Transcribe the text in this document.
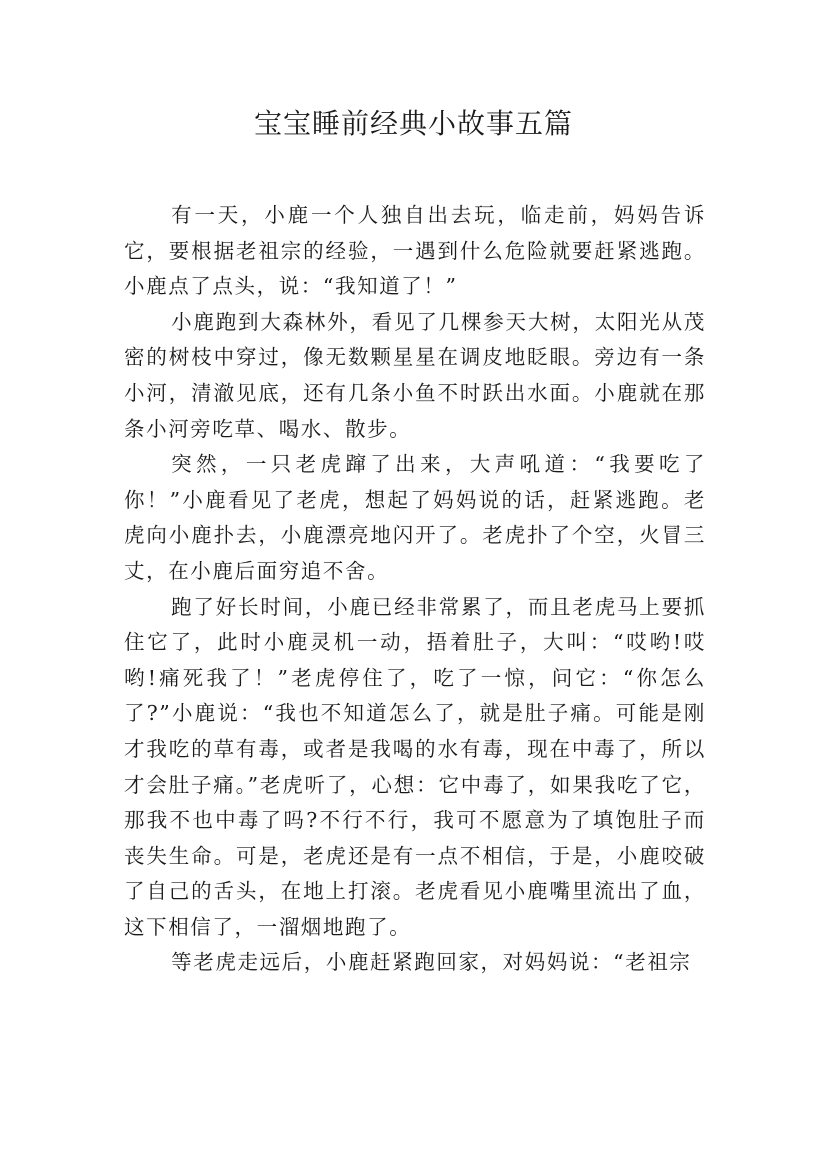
宝宝睡前经典小故事五篇

有一天，小鹿一个人独自出去玩，临走前，妈妈告诉它，要根据老祖宗的经验，一遇到什么危险就要赶紧逃跑。小鹿点了点头，说：“我知道了！”

小鹿跑到大森林外，看见了几棵参天大树，太阳光从茂密的树枝中穿过，像无数颗星星在调皮地眨眼。旁边有一条小河，清澈见底，还有几条小鱼不时跃出水面。小鹿就在那条小河旁吃草、喝水、散步。

突然，一只老虎蹿了出来，大声吼道：“我要吃了你！”小鹿看见了老虎，想起了妈妈说的话，赶紧逃跑。老虎向小鹿扑去，小鹿漂亮地闪开了。老虎扑了个空，火冒三丈，在小鹿后面穷追不舍。

跑了好长时间，小鹿已经非常累了，而且老虎马上要抓住它了，此时小鹿灵机一动，捂着肚子，大叫：“哎哟!哎哟!痛死我了！”老虎停住了，吃了一惊，问它：“你怎么了?”小鹿说：“我也不知道怎么了，就是肚子痛。可能是刚才我吃的草有毒，或者是我喝的水有毒，现在中毒了，所以才会肚子痛。”老虎听了，心想：它中毒了，如果我吃了它，那我不也中毒了吗?不行不行，我可不愿意为了填饱肚子而丧失生命。可是，老虎还是有一点不相信，于是，小鹿咬破了自己的舌头，在地上打滚。老虎看见小鹿嘴里流出了血，这下相信了，一溜烟地跑了。

等老虎走远后，小鹿赶紧跑回家，对妈妈说：“老祖宗
